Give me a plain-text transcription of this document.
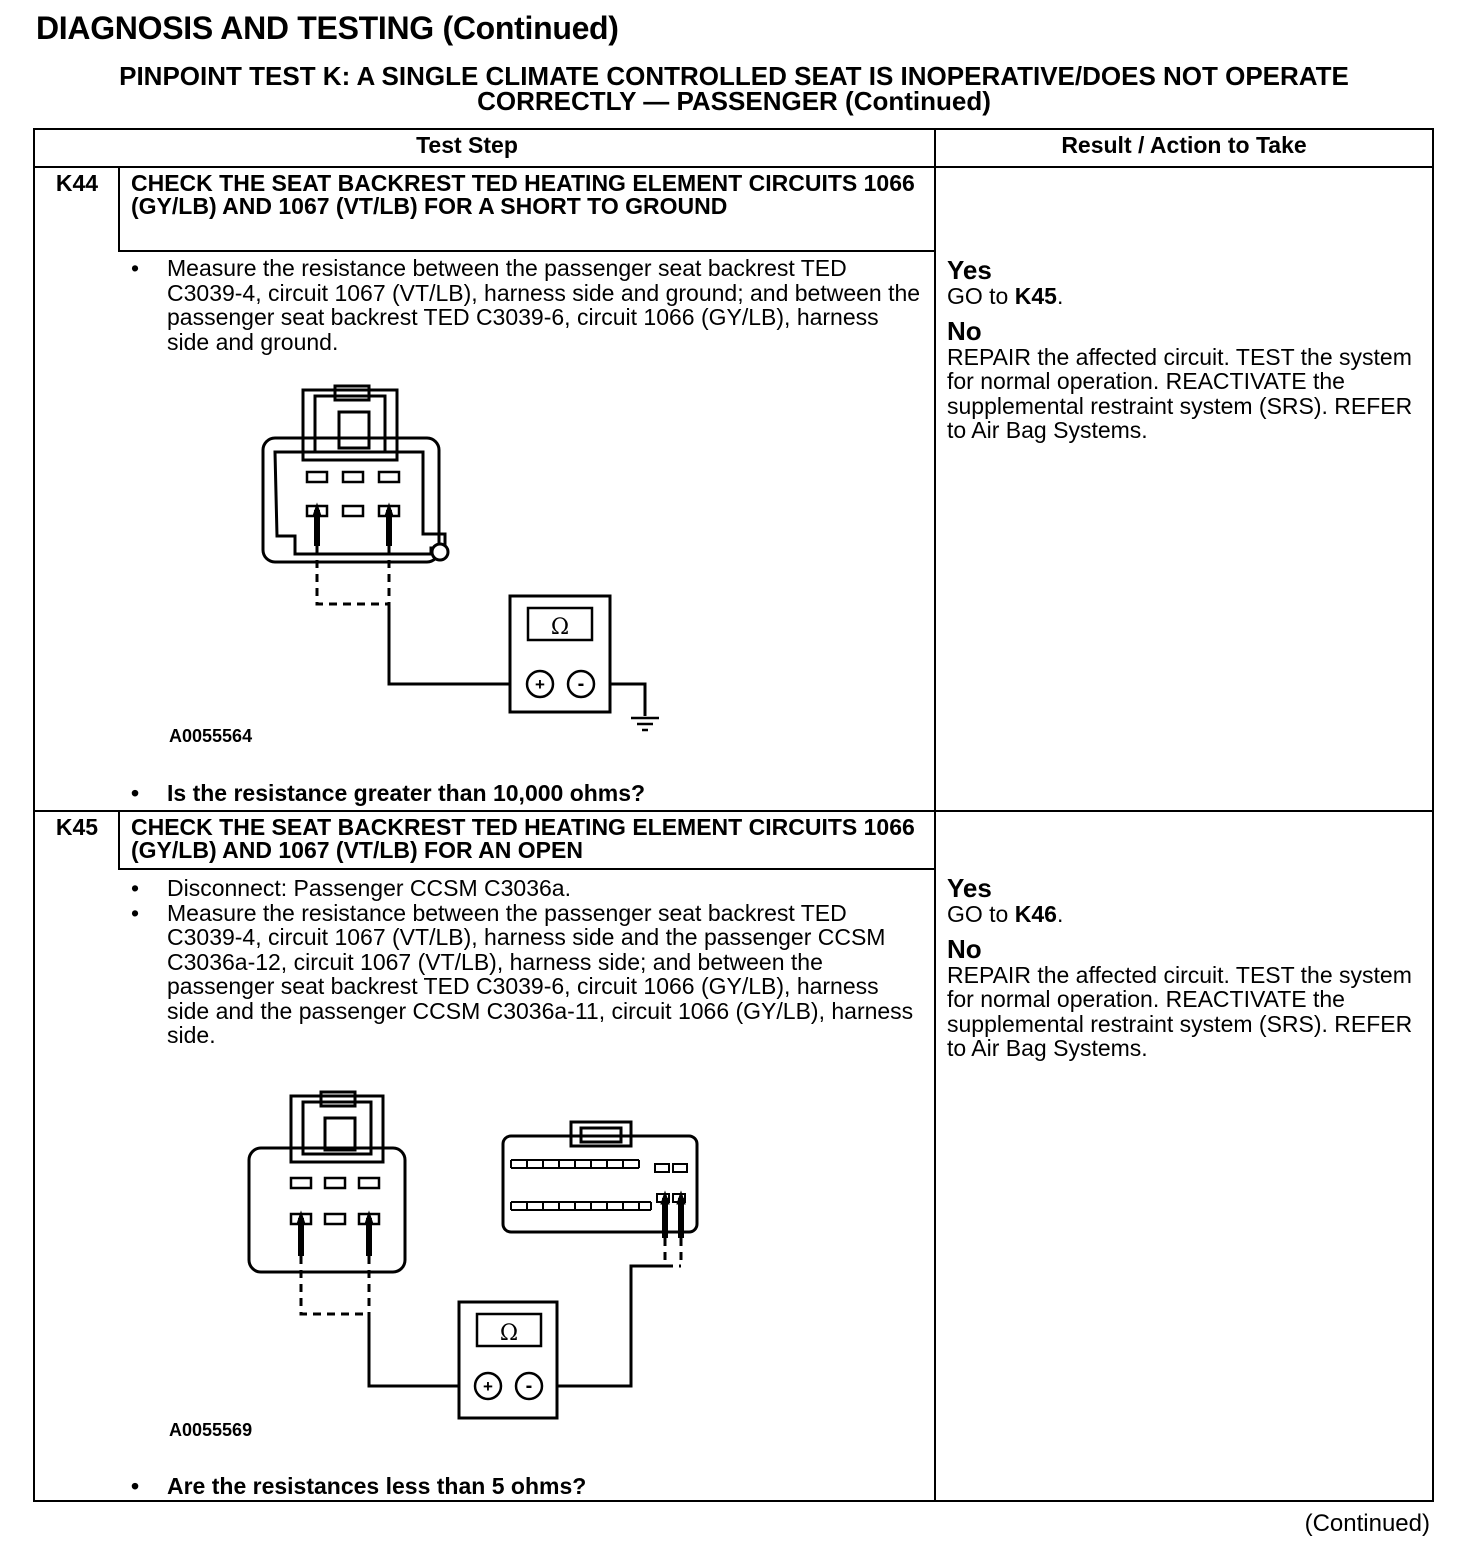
DIAGNOSIS AND TESTING (Continued)
PINPOINT TEST K: A SINGLE CLIMATE CONTROLLED SEAT IS INOPERATIVE/DOES NOT OPERATE
CORRECTLY — PASSENGER (Continued)
Test Step	Result / Action to Take
K44	CHECK THE SEAT BACKREST TED HEATING ELEMENT CIRCUITS 1066 (GY/LB) AND 1067 (VT/LB) FOR A SHORT TO GROUND
• Measure the resistance between the passenger seat backrest TED C3039-4, circuit 1067 (VT/LB), harness side and ground; and between the passenger seat backrest TED C3039-6, circuit 1066 (GY/LB), harness side and ground.
Ω
+ -
A0055564
• Is the resistance greater than 10,000 ohms?

Yes

GO to K45.

No

REPAIR the affected circuit. TEST the system for normal operation. REACTIVATE the supplemental restraint system (SRS). REFER to Air Bag Systems.

K45	CHECK THE SEAT BACKREST TED HEATING ELEMENT CIRCUITS 1066 (GY/LB) AND 1067 (VT/LB) FOR AN OPEN
• Disconnect: Passenger CCSM C3036a.
• Measure the resistance between the passenger seat backrest TED C3039-4, circuit 1067 (VT/LB), harness side and the passenger CCSM C3036a-12, circuit 1067 (VT/LB), harness side; and between the passenger seat backrest TED C3039-6, circuit 1066 (GY/LB), harness side and the passenger CCSM C3036a-11, circuit 1066 (GY/LB), harness side.
Ω
+ -
A0055569
• Are the resistances less than 5 ohms?

Yes

GO to K46.

No

REPAIR the affected circuit. TEST the system for normal operation. REACTIVATE the supplemental restraint system (SRS). REFER to Air Bag Systems.

(Continued)
